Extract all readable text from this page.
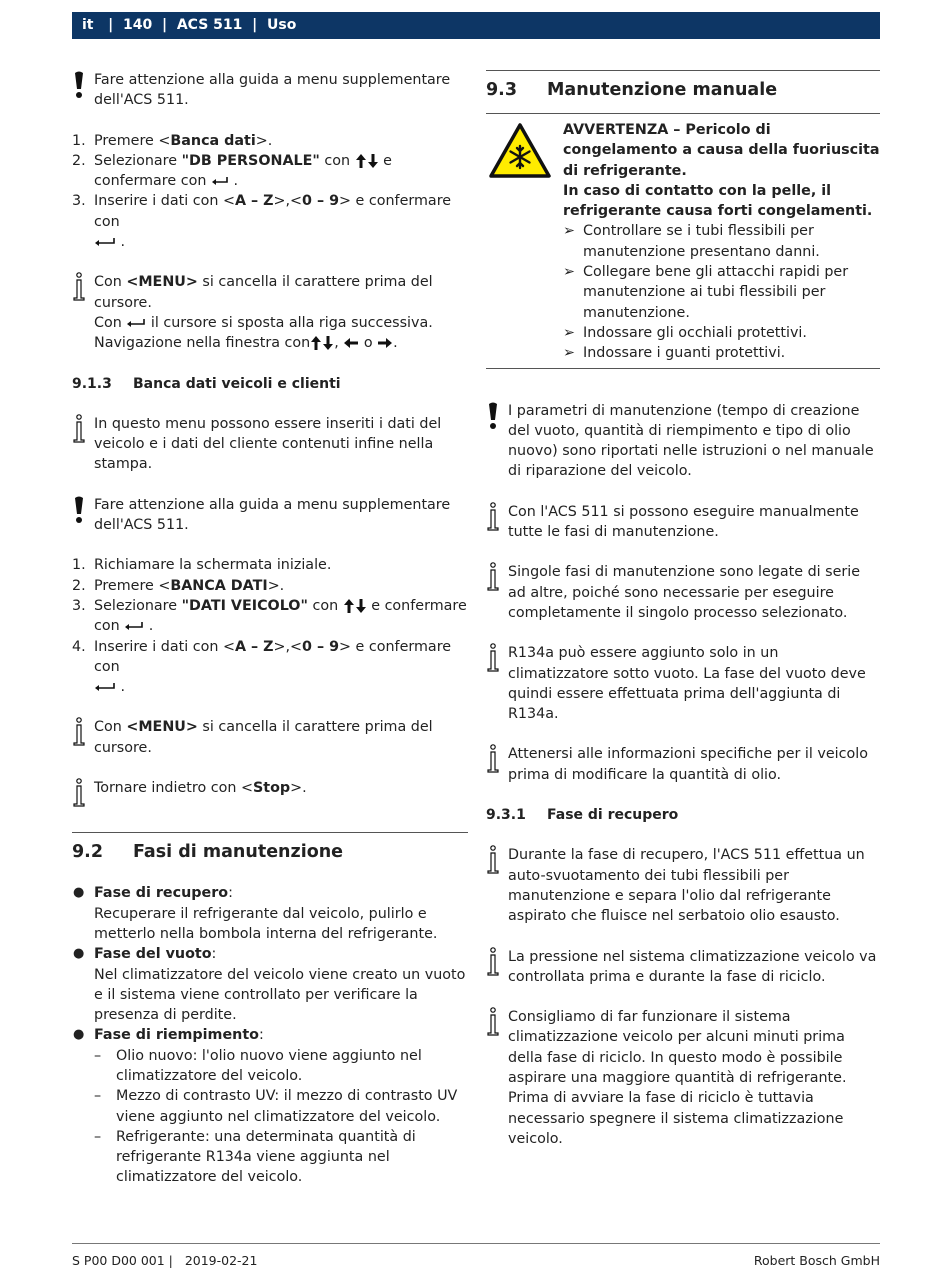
it | 140 | ACS 511 | Uso

Fare attenzione alla guida a menu supplementare dell'ACS 511.

1. Premere <Banca dati>.
2. Selezionare "DB PERSONALE" con  e confermare con  .
3. Inserire i dati con <A – Z>,<0 – 9> e confermare con
.

Con <MENU> si cancella il carattere prima del cursore.

Con  il cursore si sposta alla riga successiva.

Navigazione nella finestra con ,  o .

9.1.3	Banca dati veicoli e clienti

In questo menu possono essere inseriti i dati del veicolo e i dati del cliente contenuti infine nella stampa.

Fare attenzione alla guida a menu supplementare dell'ACS 511.

1. Richiamare la schermata iniziale.
2. Premere <BANCA DATI>.
3. Selezionare "DATI VEICOLO" con  e confermare con  .
4. Inserire i dati con <A – Z>,<0 – 9> e confermare con
.

Con <MENU> si cancella il carattere prima del cursore.

Tornare indietro con <Stop>.

9.2	Fasi di manutenzione
● Fase di recupero:

Recuperare il refrigerante dal veicolo, pulirlo e metterlo nella bombola interna del refrigerante.

● Fase del vuoto:

Nel climatizzatore del veicolo viene creato un vuoto e il sistema viene controllato per verificare la presenza di perdite.

● Fase di riempimento:
– Olio nuovo: l'olio nuovo viene aggiunto nel climatizzatore del veicolo.
– Mezzo di contrasto UV: il mezzo di contrasto UV viene aggiunto nel climatizzatore del veicolo.
– Refrigerante: una determinata quantità di refrigerante R134a viene aggiunta nel climatizzatore del veicolo.
9.3	Manutenzione manuale

AVVERTENZA – Pericolo di congelamento a causa della fuoriuscita di refrigerante.

In caso di contatto con la pelle, il refrigerante causa forti congelamenti.

➢ Controllare se i tubi flessibili per manutenzione presentano danni.
➢ Collegare bene gli attacchi rapidi per manutenzione ai tubi flessibili per manutenzione.
➢ Indossare gli occhiali protettivi.
➢ Indossare i guanti protettivi.

I parametri di manutenzione (tempo di creazione del vuoto, quantità di riempimento e tipo di olio nuovo) sono riportati nelle istruzioni o nel manuale di riparazione del veicolo.

Con l'ACS 511 si possono eseguire manualmente tutte le fasi di manutenzione.

Singole fasi di manutenzione sono legate di serie ad altre, poiché sono necessarie per eseguire completamente il singolo processo selezionato.

R134a può essere aggiunto solo in un climatizzatore sotto vuoto. La fase del vuoto deve quindi essere effettuata prima dell'aggiunta di R134a.

Attenersi alle informazioni specifiche per il veicolo prima di modificare la quantità di olio.

9.3.1	Fase di recupero

Durante la fase di recupero, l'ACS 511 effettua un auto-svuotamento dei tubi flessibili per manutenzione e separa l'olio dal refrigerante aspirato che fluisce nel serbatoio olio esausto.

La pressione nel sistema climatizzazione veicolo va controllata prima e durante la fase di riciclo.

Consigliamo di far funzionare il sistema climatizzazione veicolo per alcuni minuti prima della fase di riciclo. In questo modo è possibile aspirare una maggiore quantità di refrigerante. Prima di avviare la fase di riciclo è tuttavia necessario spegnere il sistema climatizzazione veicolo.

S P00 D00 001 |   2019-02-21	Robert Bosch GmbH
